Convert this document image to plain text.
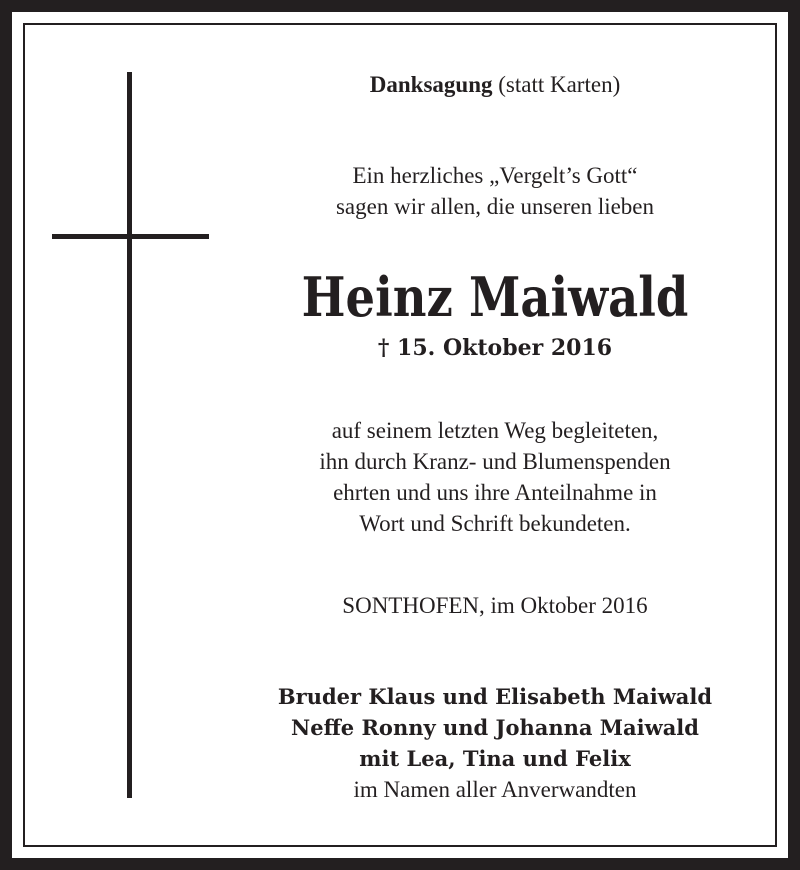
Danksagung (statt Karten)
Ein herzliches „Vergelt’s Gott“
sagen wir allen, die unseren lieben
Heinz Maiwald
† 15. Oktober 2016
auf seinem letzten Weg begleiteten,
ihn durch Kranz- und Blumenspenden
ehrten und uns ihre Anteilnahme in
Wort und Schrift bekundeten.
SONTHOFEN, im Oktober 2016
Bruder Klaus und Elisabeth Maiwald
Neffe Ronny und Johanna Maiwald
mit Lea, Tina und Felix
im Namen aller Anverwandten
